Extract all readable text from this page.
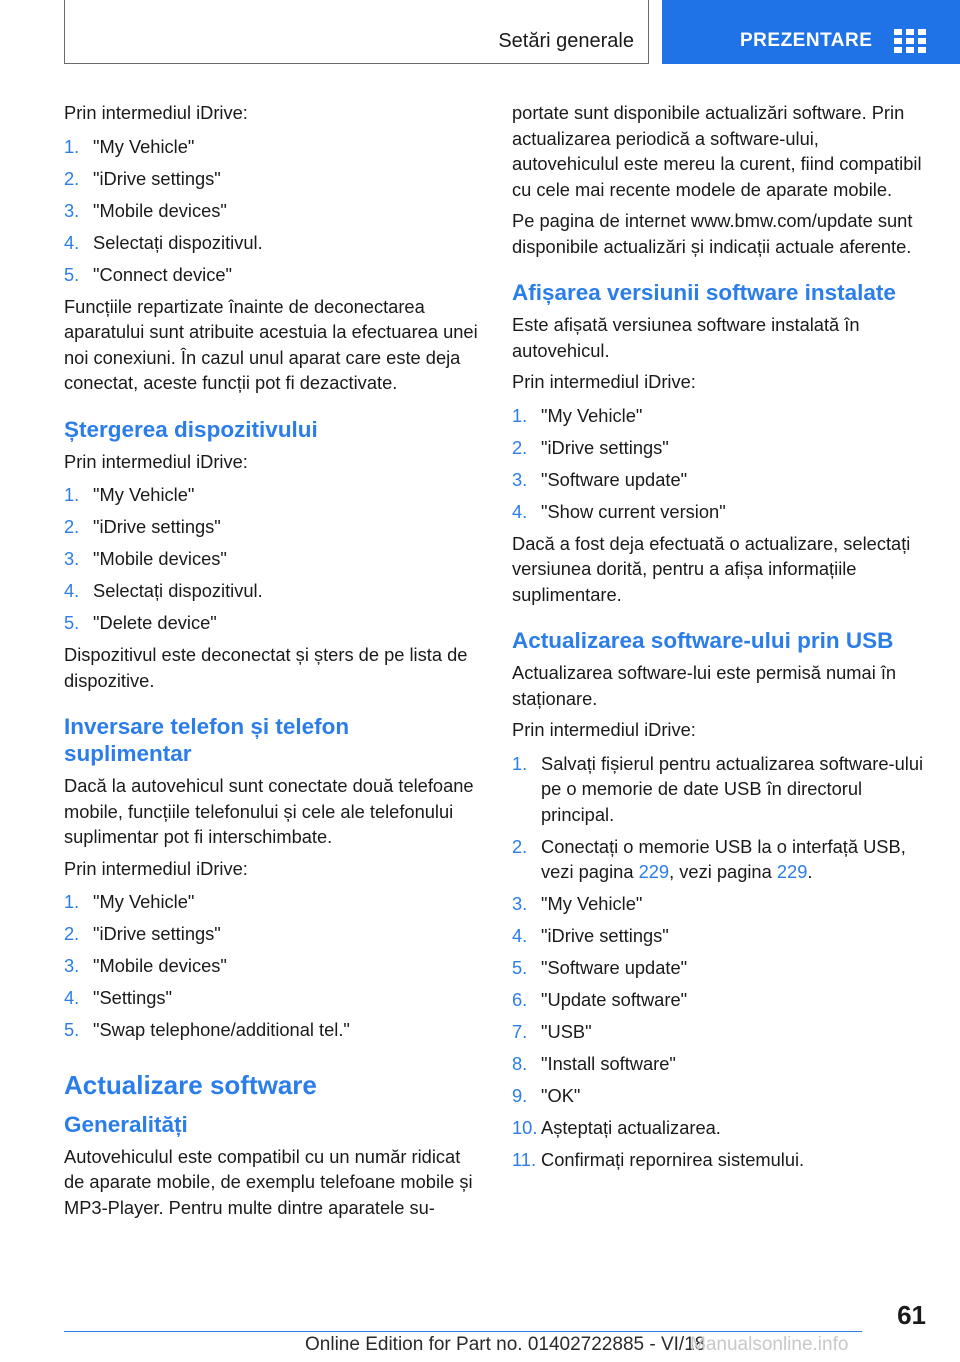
Setări generale	PREZENTARE

Prin intermediul iDrive:

1. "My Vehicle"
2. "iDrive settings"
3. "Mobile devices"
4. Selectați dispozitivul.
5. "Connect device"

Funcțiile repartizate înainte de deconectarea aparatului sunt atribuite acestuia la efectuarea unei noi conexiuni. În cazul unul aparat care este deja conectat, aceste funcții pot fi dezactivate.

Ștergerea dispozitivului

Prin intermediul iDrive:

1. "My Vehicle"
2. "iDrive settings"
3. "Mobile devices"
4. Selectați dispozitivul.
5. "Delete device"

Dispozitivul este deconectat și șters de pe lista de dispozitive.

Inversare telefon și telefon suplimentar

Dacă la autovehicul sunt conectate două telefoane mobile, funcțiile telefonului și cele ale telefonului suplimentar pot fi interschimbate.

Prin intermediul iDrive:

1. "My Vehicle"
2. "iDrive settings"
3. "Mobile devices"
4. "Settings"
5. "Swap telephone/additional tel."
Actualizare software
Generalități

Autovehiculul este compatibil cu un număr ridicat de aparate mobile, de exemplu telefoane mobile și MP3-Player. Pentru multe dintre aparatele su-

portate sunt disponibile actualizări software. Prin actualizarea periodică a software-ului, autovehiculul este mereu la curent, fiind compatibil cu cele mai recente modele de aparate mobile.

Pe pagina de internet www.bmw.com/update sunt disponibile actualizări și indicații actuale aferente.

Afișarea versiunii software instalate

Este afișată versiunea software instalată în autovehicul.

Prin intermediul iDrive:

1. "My Vehicle"
2. "iDrive settings"
3. "Software update"
4. "Show current version"

Dacă a fost deja efectuată o actualizare, selectați versiunea dorită, pentru a afișa informațiile suplimentare.

Actualizarea software-ului prin USB

Actualizarea software-lui este permisă numai în staționare.

Prin intermediul iDrive:

1. Salvați fișierul pentru actualizarea software-ului pe o memorie de date USB în directorul principal.
2. Conectați o memorie USB la o interfață USB, vezi pagina 229, vezi pagina 229.
3. "My Vehicle"
4. "iDrive settings"
5. "Software update"
6. "Update software"
7. "USB"
8. "Install software"
9. "OK"
10. Așteptați actualizarea.
11. Confirmați repornirea sistemului.
61
Online Edition for Part no. 01402722885 - VI/18
Manualsonline.info
